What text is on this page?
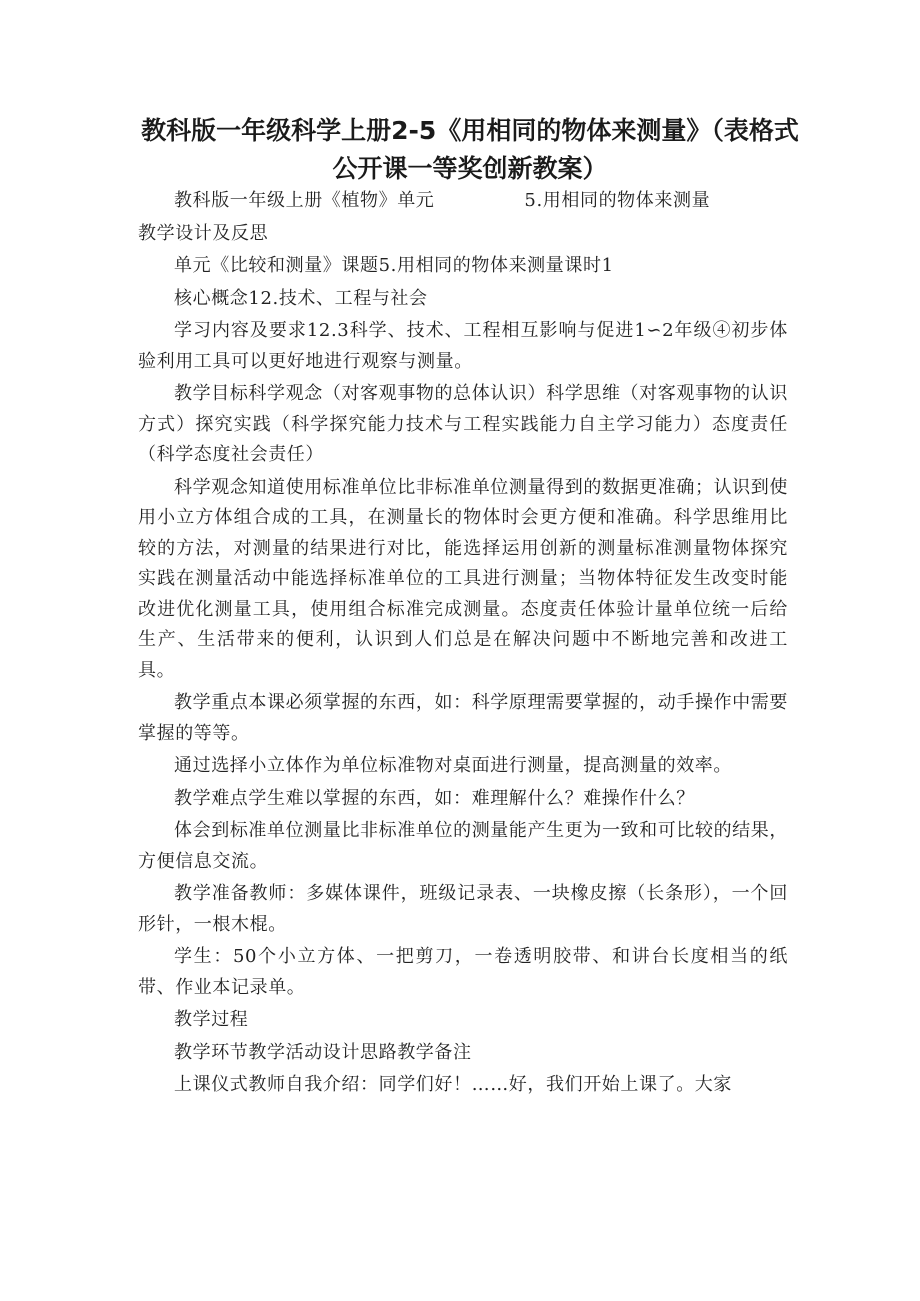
教科版一年级科学上册2-5《用相同的物体来测量》（表格式公开课一等奖创新教案）

教科版一年级上册《植物》单元	5.用相同的物体来测量

教学设计及反思

单元《比较和测量》课题5.用相同的物体来测量课时1

核心概念12.技术、工程与社会

学习内容及要求12.3科学、技术、工程相互影响与促进1∽2年级④初步体验利用工具可以更好地进行观察与测量。

教学目标科学观念（对客观事物的总体认识）科学思维（对客观事物的认识方式）探究实践（科学探究能力技术与工程实践能力自主学习能力）态度责任（科学态度社会责任）

科学观念知道使用标准单位比非标准单位测量得到的数据更准确；认识到使用小立方体组合成的工具，在测量长的物体时会更方便和准确。科学思维用比较的方法，对测量的结果进行对比，能选择运用创新的测量标准测量物体探究实践在测量活动中能选择标准单位的工具进行测量；当物体特征发生改变时能改进优化测量工具，使用组合标准完成测量。态度责任体验计量单位统一后给生产、生活带来的便利，认识到人们总是在解决问题中不断地完善和改进工具。

教学重点本课必须掌握的东西，如：科学原理需要掌握的，动手操作中需要掌握的等等。

通过选择小立体作为单位标准物对桌面进行测量，提高测量的效率。

教学难点学生难以掌握的东西，如：难理解什么？难操作什么？

体会到标准单位测量比非标准单位的测量能产生更为一致和可比较的结果，方便信息交流。

教学准备教师：多媒体课件，班级记录表、一块橡皮擦（长条形），一个回形针，一根木棍。

学生：50个小立方体、一把剪刀，一卷透明胶带、和讲台长度相当的纸带、作业本记录单。

教学过程

教学环节教学活动设计思路教学备注

上课仪式教师自我介绍：同学们好！……好，我们开始上课了。大家
